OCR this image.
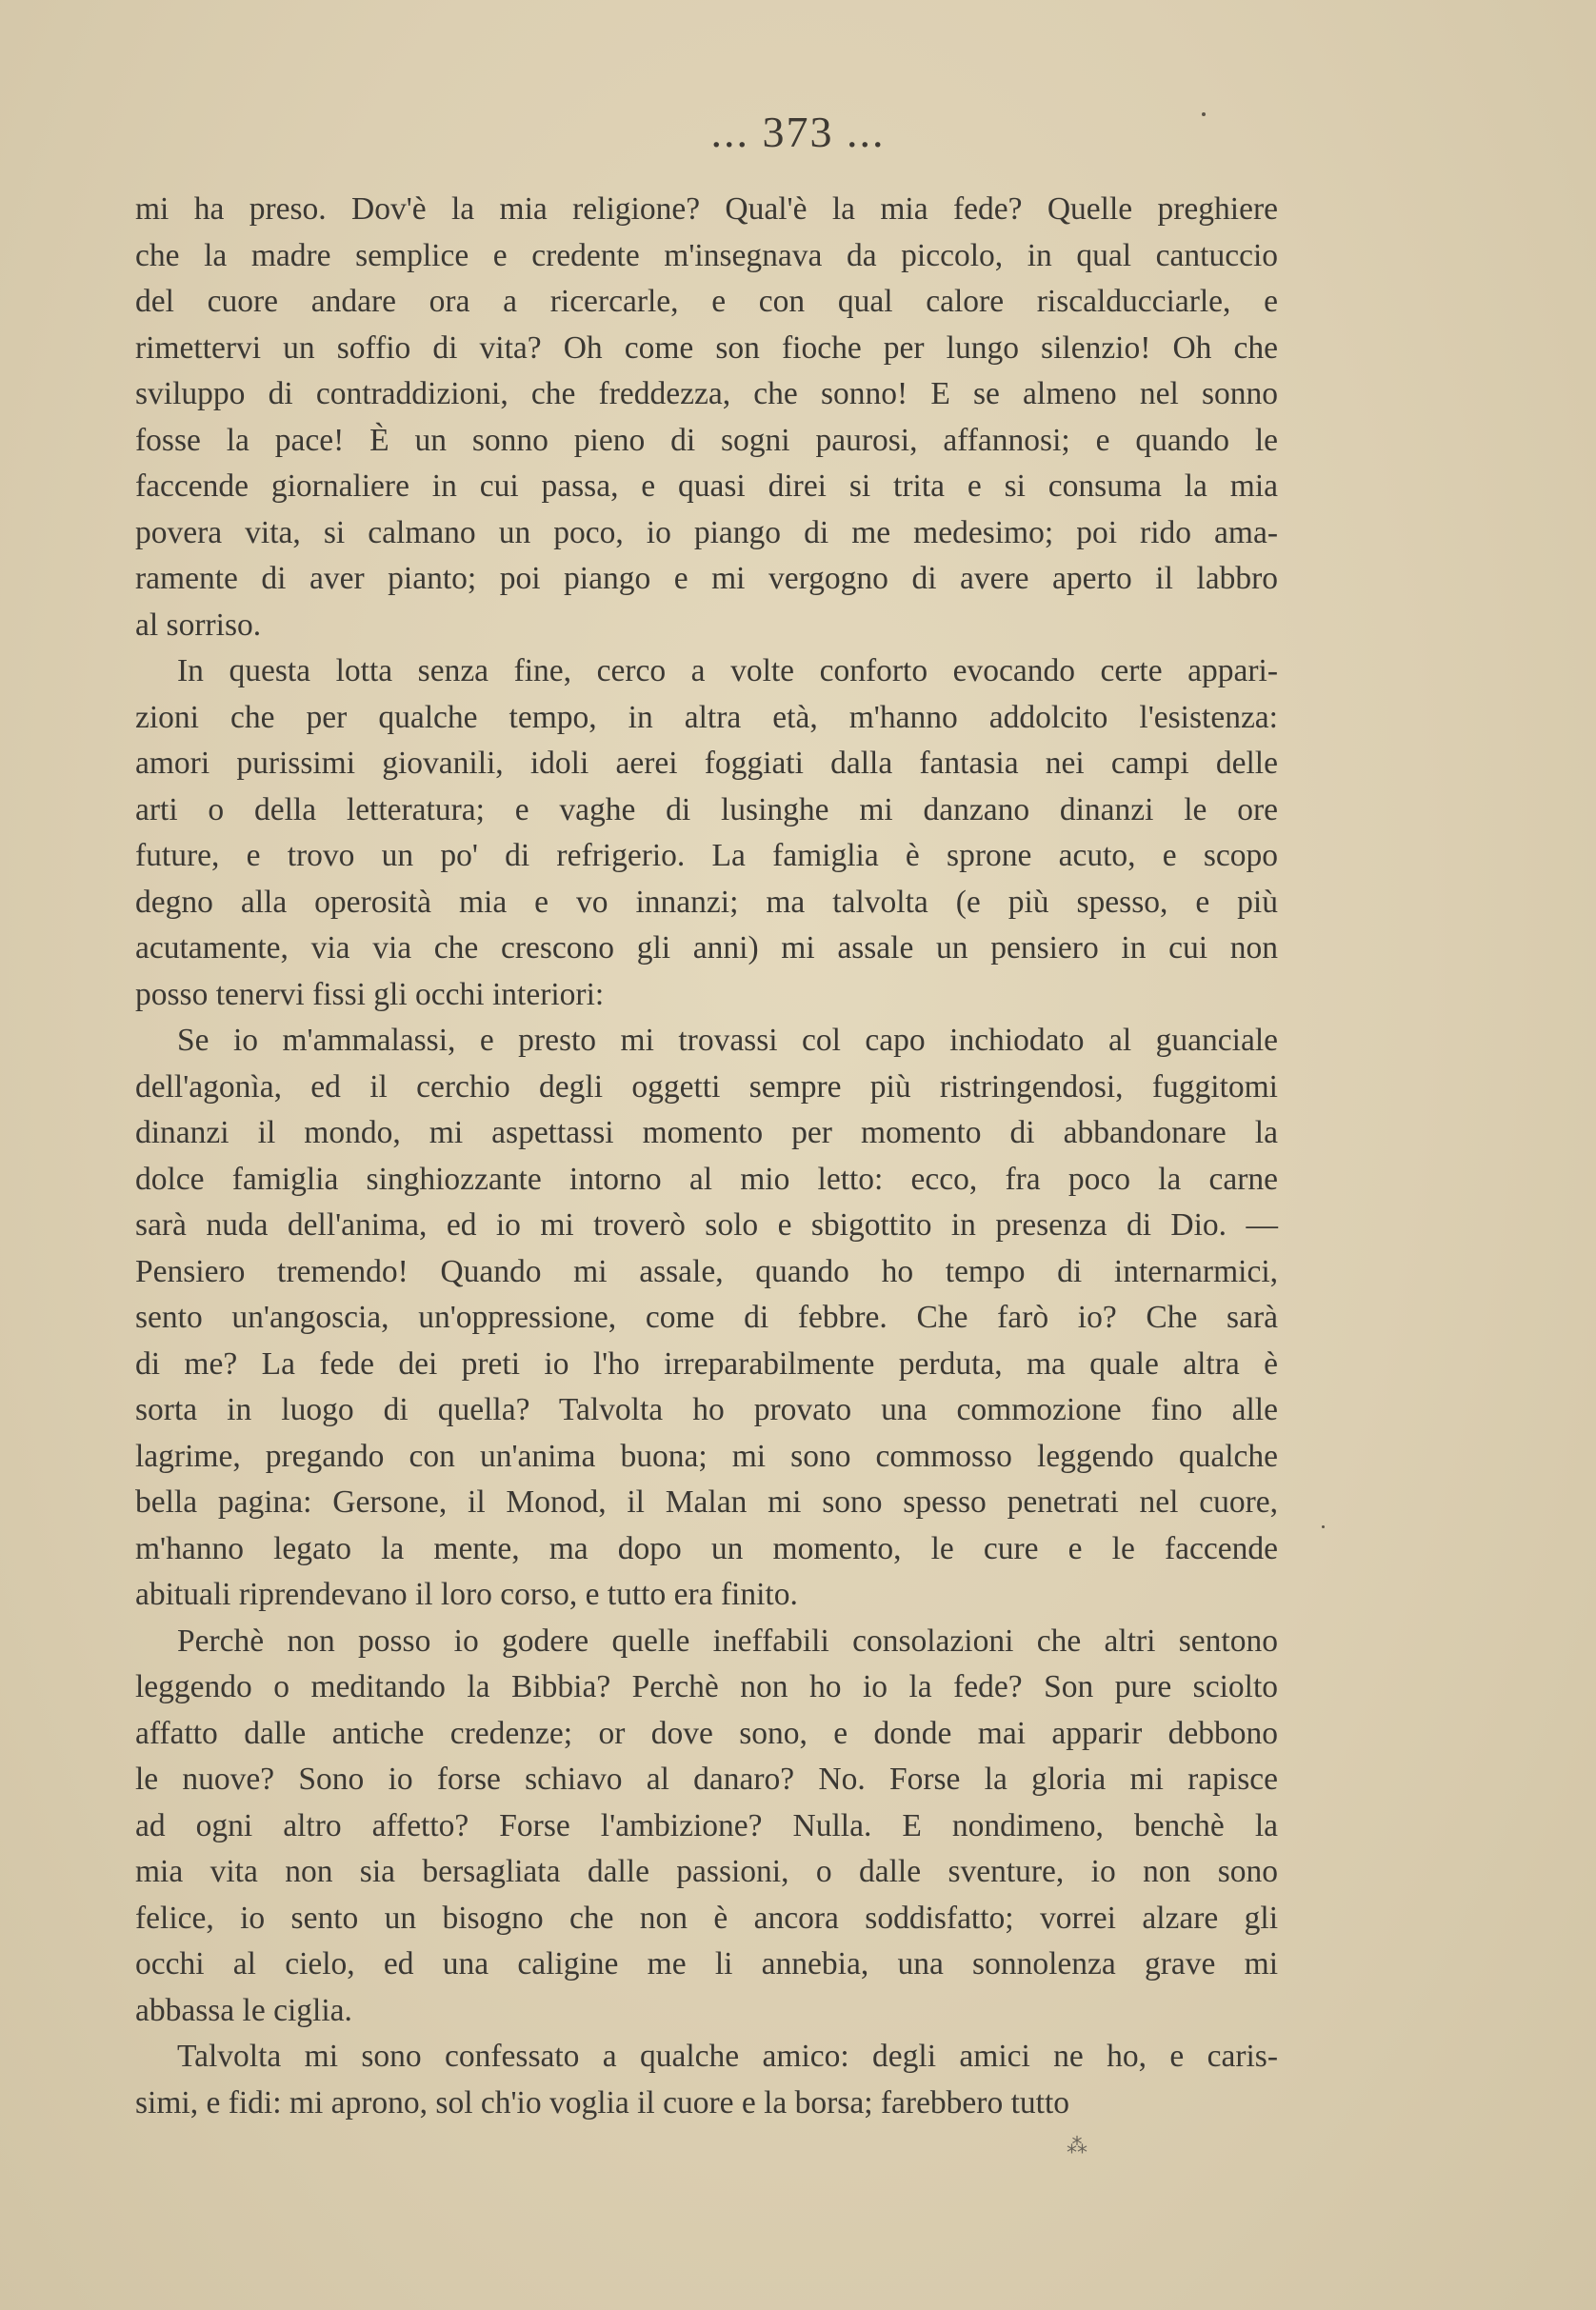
... 373 ...

mi ha preso. Dov'è la mia religione? Qual'è la mia fede? Quelle preghiere
che la madre semplice e credente m'insegnava da piccolo, in qual cantuccio
del cuore andare ora a ricercarle, e con qual calore riscalducciarle, e
rimettervi un soffio di vita? Oh come son fioche per lungo silenzio! Oh che
sviluppo di contraddizioni, che freddezza, che sonno! E se almeno nel sonno
fosse la pace! È un sonno pieno di sogni paurosi, affannosi; e quando le
faccende giornaliere in cui passa, e quasi direi si trita e si consuma la mia
povera vita, si calmano un poco, io piango di me medesimo; poi rido ama-
ramente di aver pianto; poi piango e mi vergogno di avere aperto il labbro
al sorriso.

In questa lotta senza fine, cerco a volte conforto evocando certe appari-
zioni che per qualche tempo, in altra età, m'hanno addolcito l'esistenza:
amori purissimi giovanili, idoli aerei foggiati dalla fantasia nei campi delle
arti o della letteratura; e vaghe di lusinghe mi danzano dinanzi le ore
future, e trovo un po' di refrigerio. La famiglia è sprone acuto, e scopo
degno alla operosità mia e vo innanzi; ma talvolta (e più spesso, e più
acutamente, via via che crescono gli anni) mi assale un pensiero in cui non
posso tenervi fissi gli occhi interiori:

Se io m'ammalassi, e presto mi trovassi col capo inchiodato al guanciale
dell'agonìa, ed il cerchio degli oggetti sempre più ristringendosi, fuggitomi
dinanzi il mondo, mi aspettassi momento per momento di abbandonare la
dolce famiglia singhiozzante intorno al mio letto: ecco, fra poco la carne
sarà nuda dell'anima, ed io mi troverò solo e sbigottito in presenza di Dio. —
Pensiero tremendo! Quando mi assale, quando ho tempo di internarmici,
sento un'angoscia, un'oppressione, come di febbre. Che farò io? Che sarà
di me? La fede dei preti io l'ho irreparabilmente perduta, ma quale altra è
sorta in luogo di quella? Talvolta ho provato una commozione fino alle
lagrime, pregando con un'anima buona; mi sono commosso leggendo qualche
bella pagina: Gersone, il Monod, il Malan mi sono spesso penetrati nel cuore,
m'hanno legato la mente, ma dopo un momento, le cure e le faccende
abituali riprendevano il loro corso, e tutto era finito.

Perchè non posso io godere quelle ineffabili consolazioni che altri sentono
leggendo o meditando la Bibbia? Perchè non ho io la fede? Son pure sciolto
affatto dalle antiche credenze; or dove sono, e donde mai apparir debbono
le nuove? Sono io forse schiavo al danaro? No. Forse la gloria mi rapisce
ad ogni altro affetto? Forse l'ambizione? Nulla. E nondimeno, benchè la
mia vita non sia bersagliata dalle passioni, o dalle sventure, io non sono
felice, io sento un bisogno che non è ancora soddisfatto; vorrei alzare gli
occhi al cielo, ed una caligine me li annebia, una sonnolenza grave mi
abbassa le ciglia.

Talvolta mi sono confessato a qualche amico: degli amici ne ho, e caris-
simi, e fidi: mi aprono, sol ch'io voglia il cuore e la borsa; farebbero tutto

⁂
